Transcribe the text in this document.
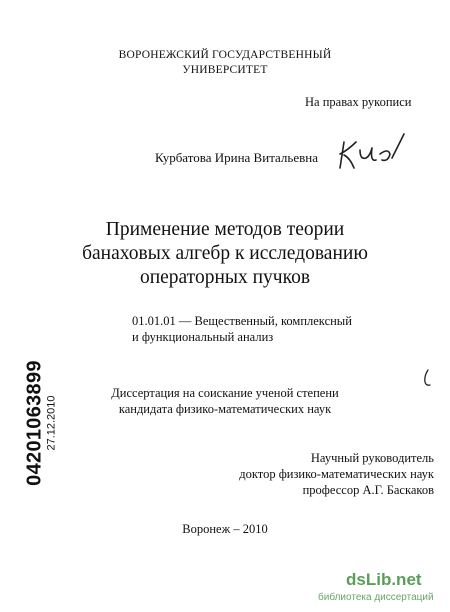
ВОРОНЕЖСКИЙ ГОСУДАРСТВЕННЫЙ
УНИВЕРСИТЕТ
На правах рукописи
Курбатова Ирина Витальевна
Применение методов теории
банаховых алгебр к исследованию
операторных пучков
01.01.01 — Вещественный, комплексный
и функциональный анализ
Диссертация на соискание ученой степени
кандидата физико-математических наук
Научный руководитель
доктор физико-математических наук
профессор А.Г. Баскаков
Воронеж – 2010
04201063899 27.12.2010
dsLib.net
библиотека диссертаций
